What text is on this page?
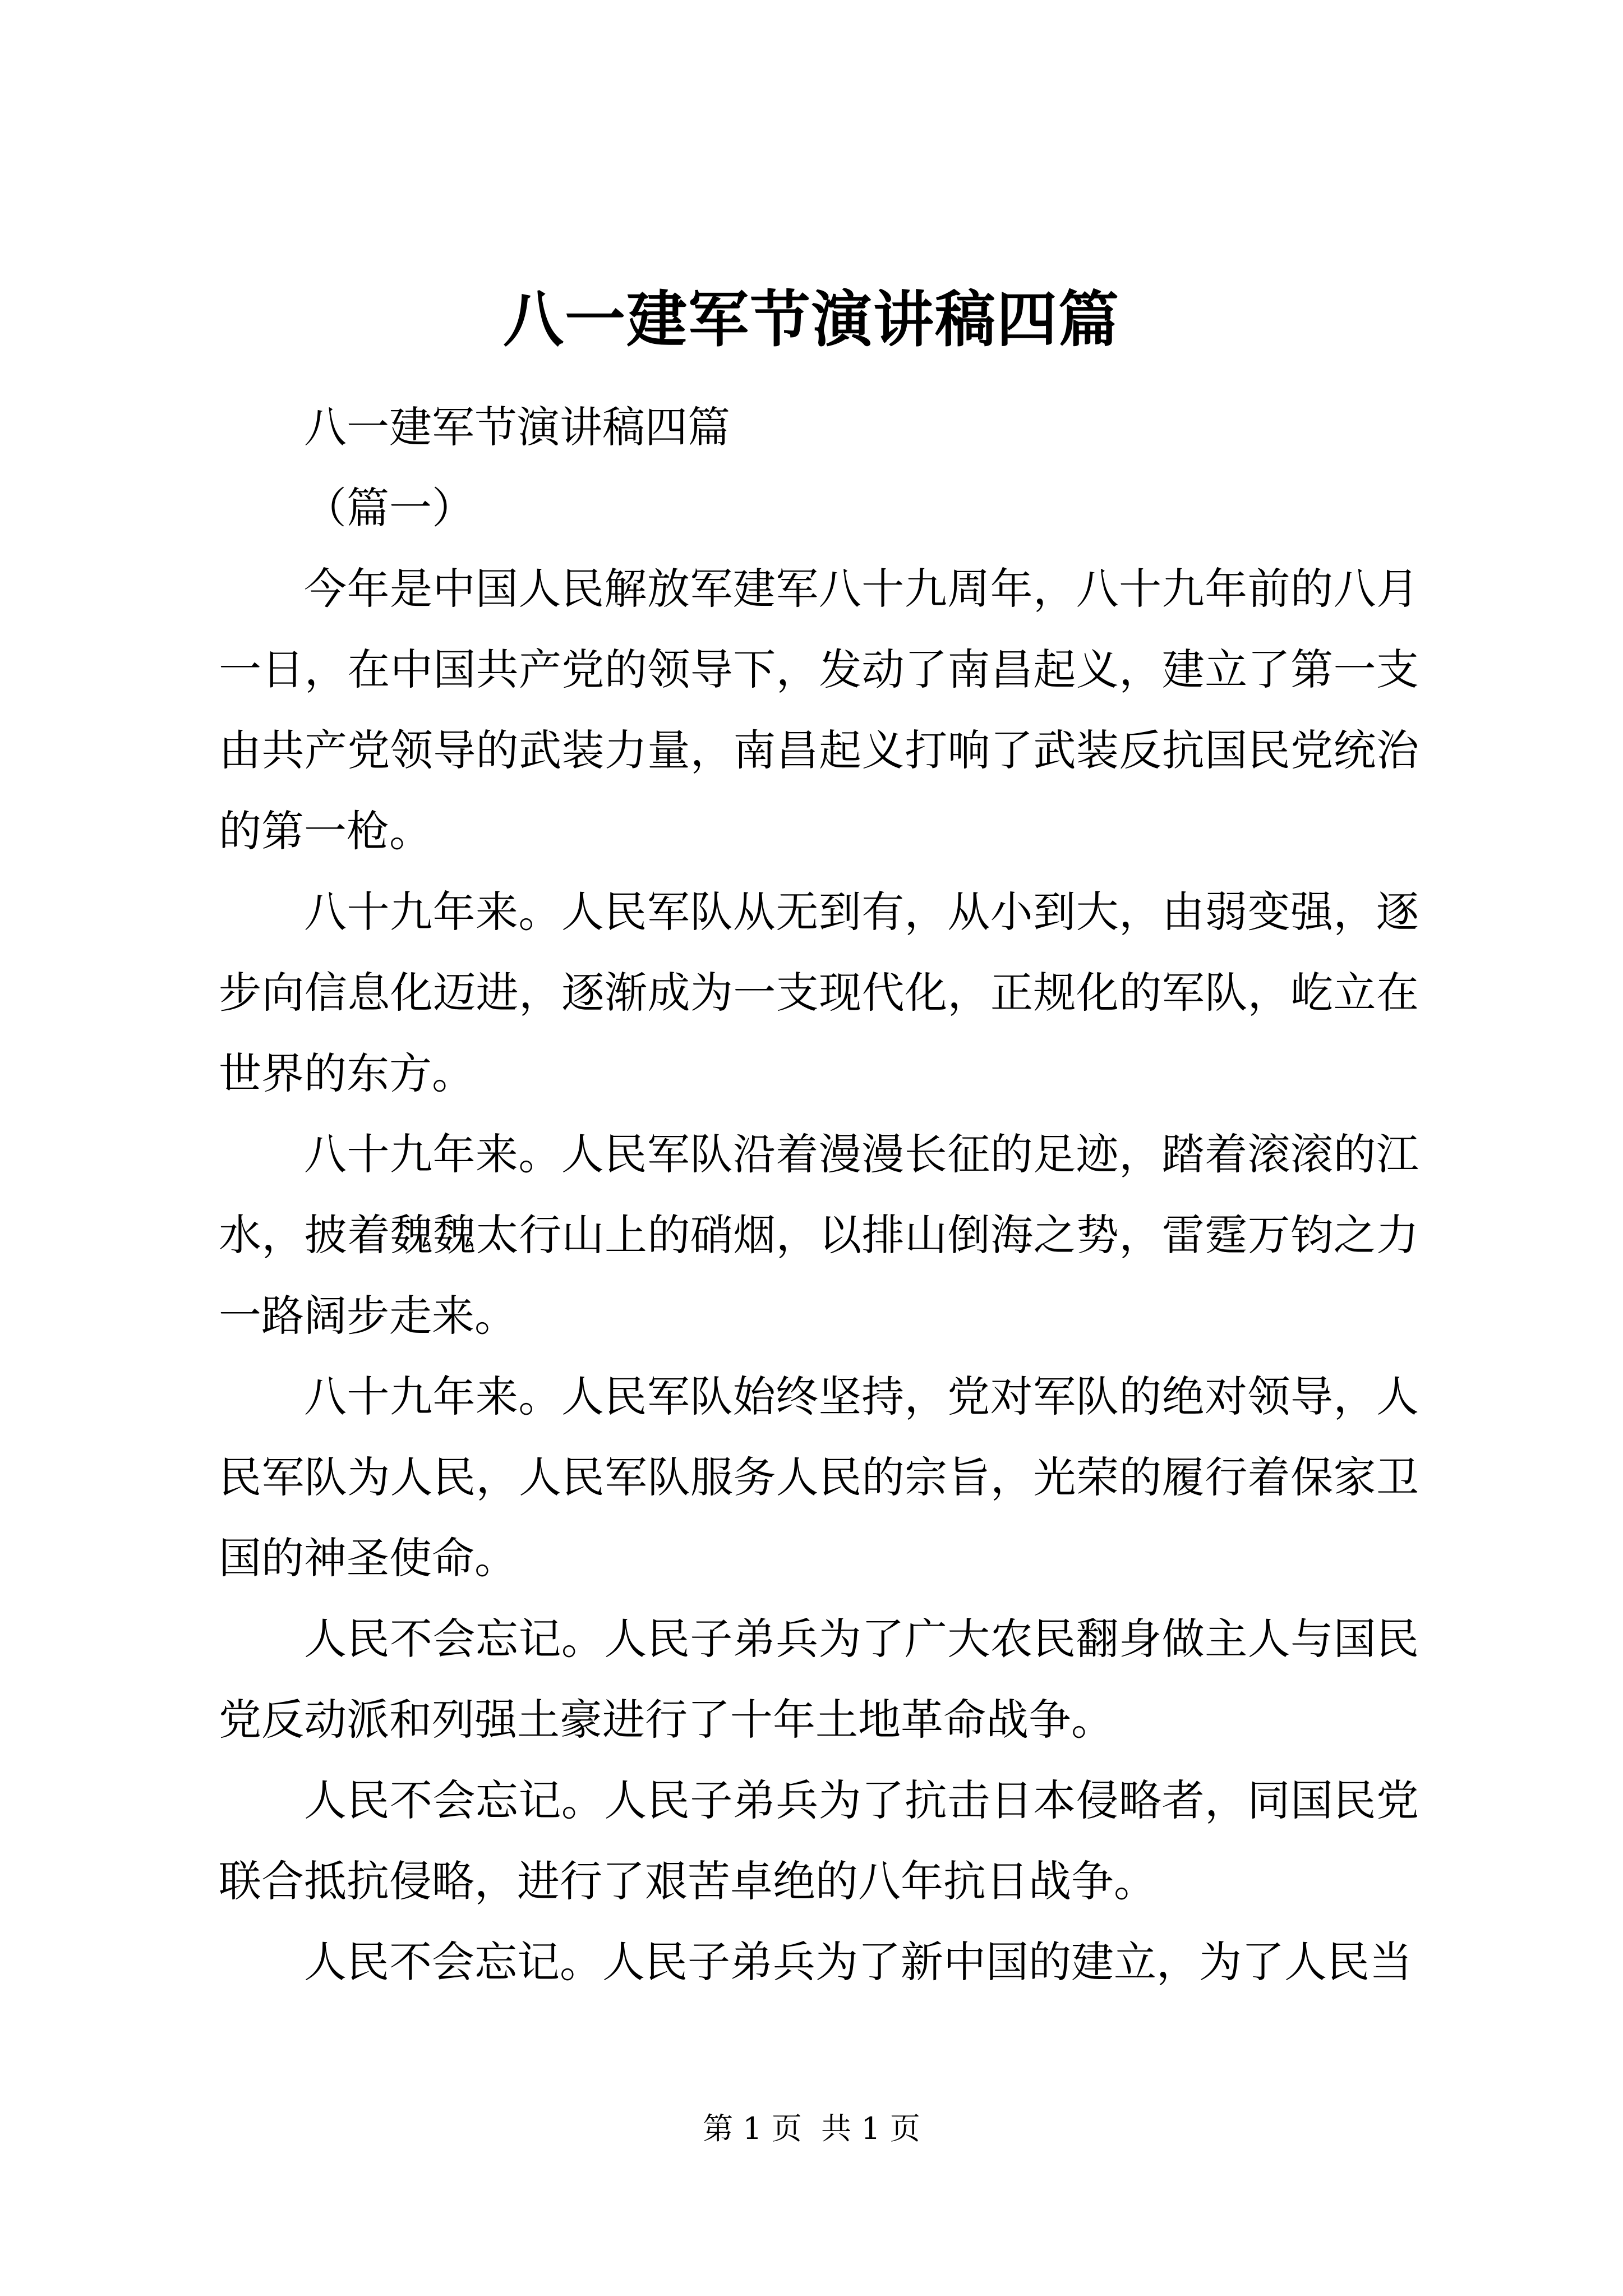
八一建军节演讲稿四篇

八一建军节演讲稿四篇

（篇一）

今年是中国人民解放军建军八十九周年，八十九年前的八月一日，在中国共产党的领导下，发动了南昌起义，建立了第一支由共产党领导的武装力量，南昌起义打响了武装反抗国民党统治的第一枪。

八十九年来。人民军队从无到有，从小到大，由弱变强，逐步向信息化迈进，逐渐成为一支现代化，正规化的军队，屹立在世界的东方。

八十九年来。人民军队沿着漫漫长征的足迹，踏着滚滚的江水，披着魏魏太行山上的硝烟，以排山倒海之势，雷霆万钧之力一路阔步走来。

八十九年来。人民军队始终坚持，党对军队的绝对领导，人民军队为人民，人民军队服务人民的宗旨，光荣的履行着保家卫国的神圣使命。

人民不会忘记。人民子弟兵为了广大农民翻身做主人与国民党反动派和列强土豪进行了十年土地革命战争。

人民不会忘记。人民子弟兵为了抗击日本侵略者，同国民党联合抵抗侵略，进行了艰苦卓绝的八年抗日战争。

人民不会忘记。人民子弟兵为了新中国的建立，为了人民当

第 1 页  共 1 页
